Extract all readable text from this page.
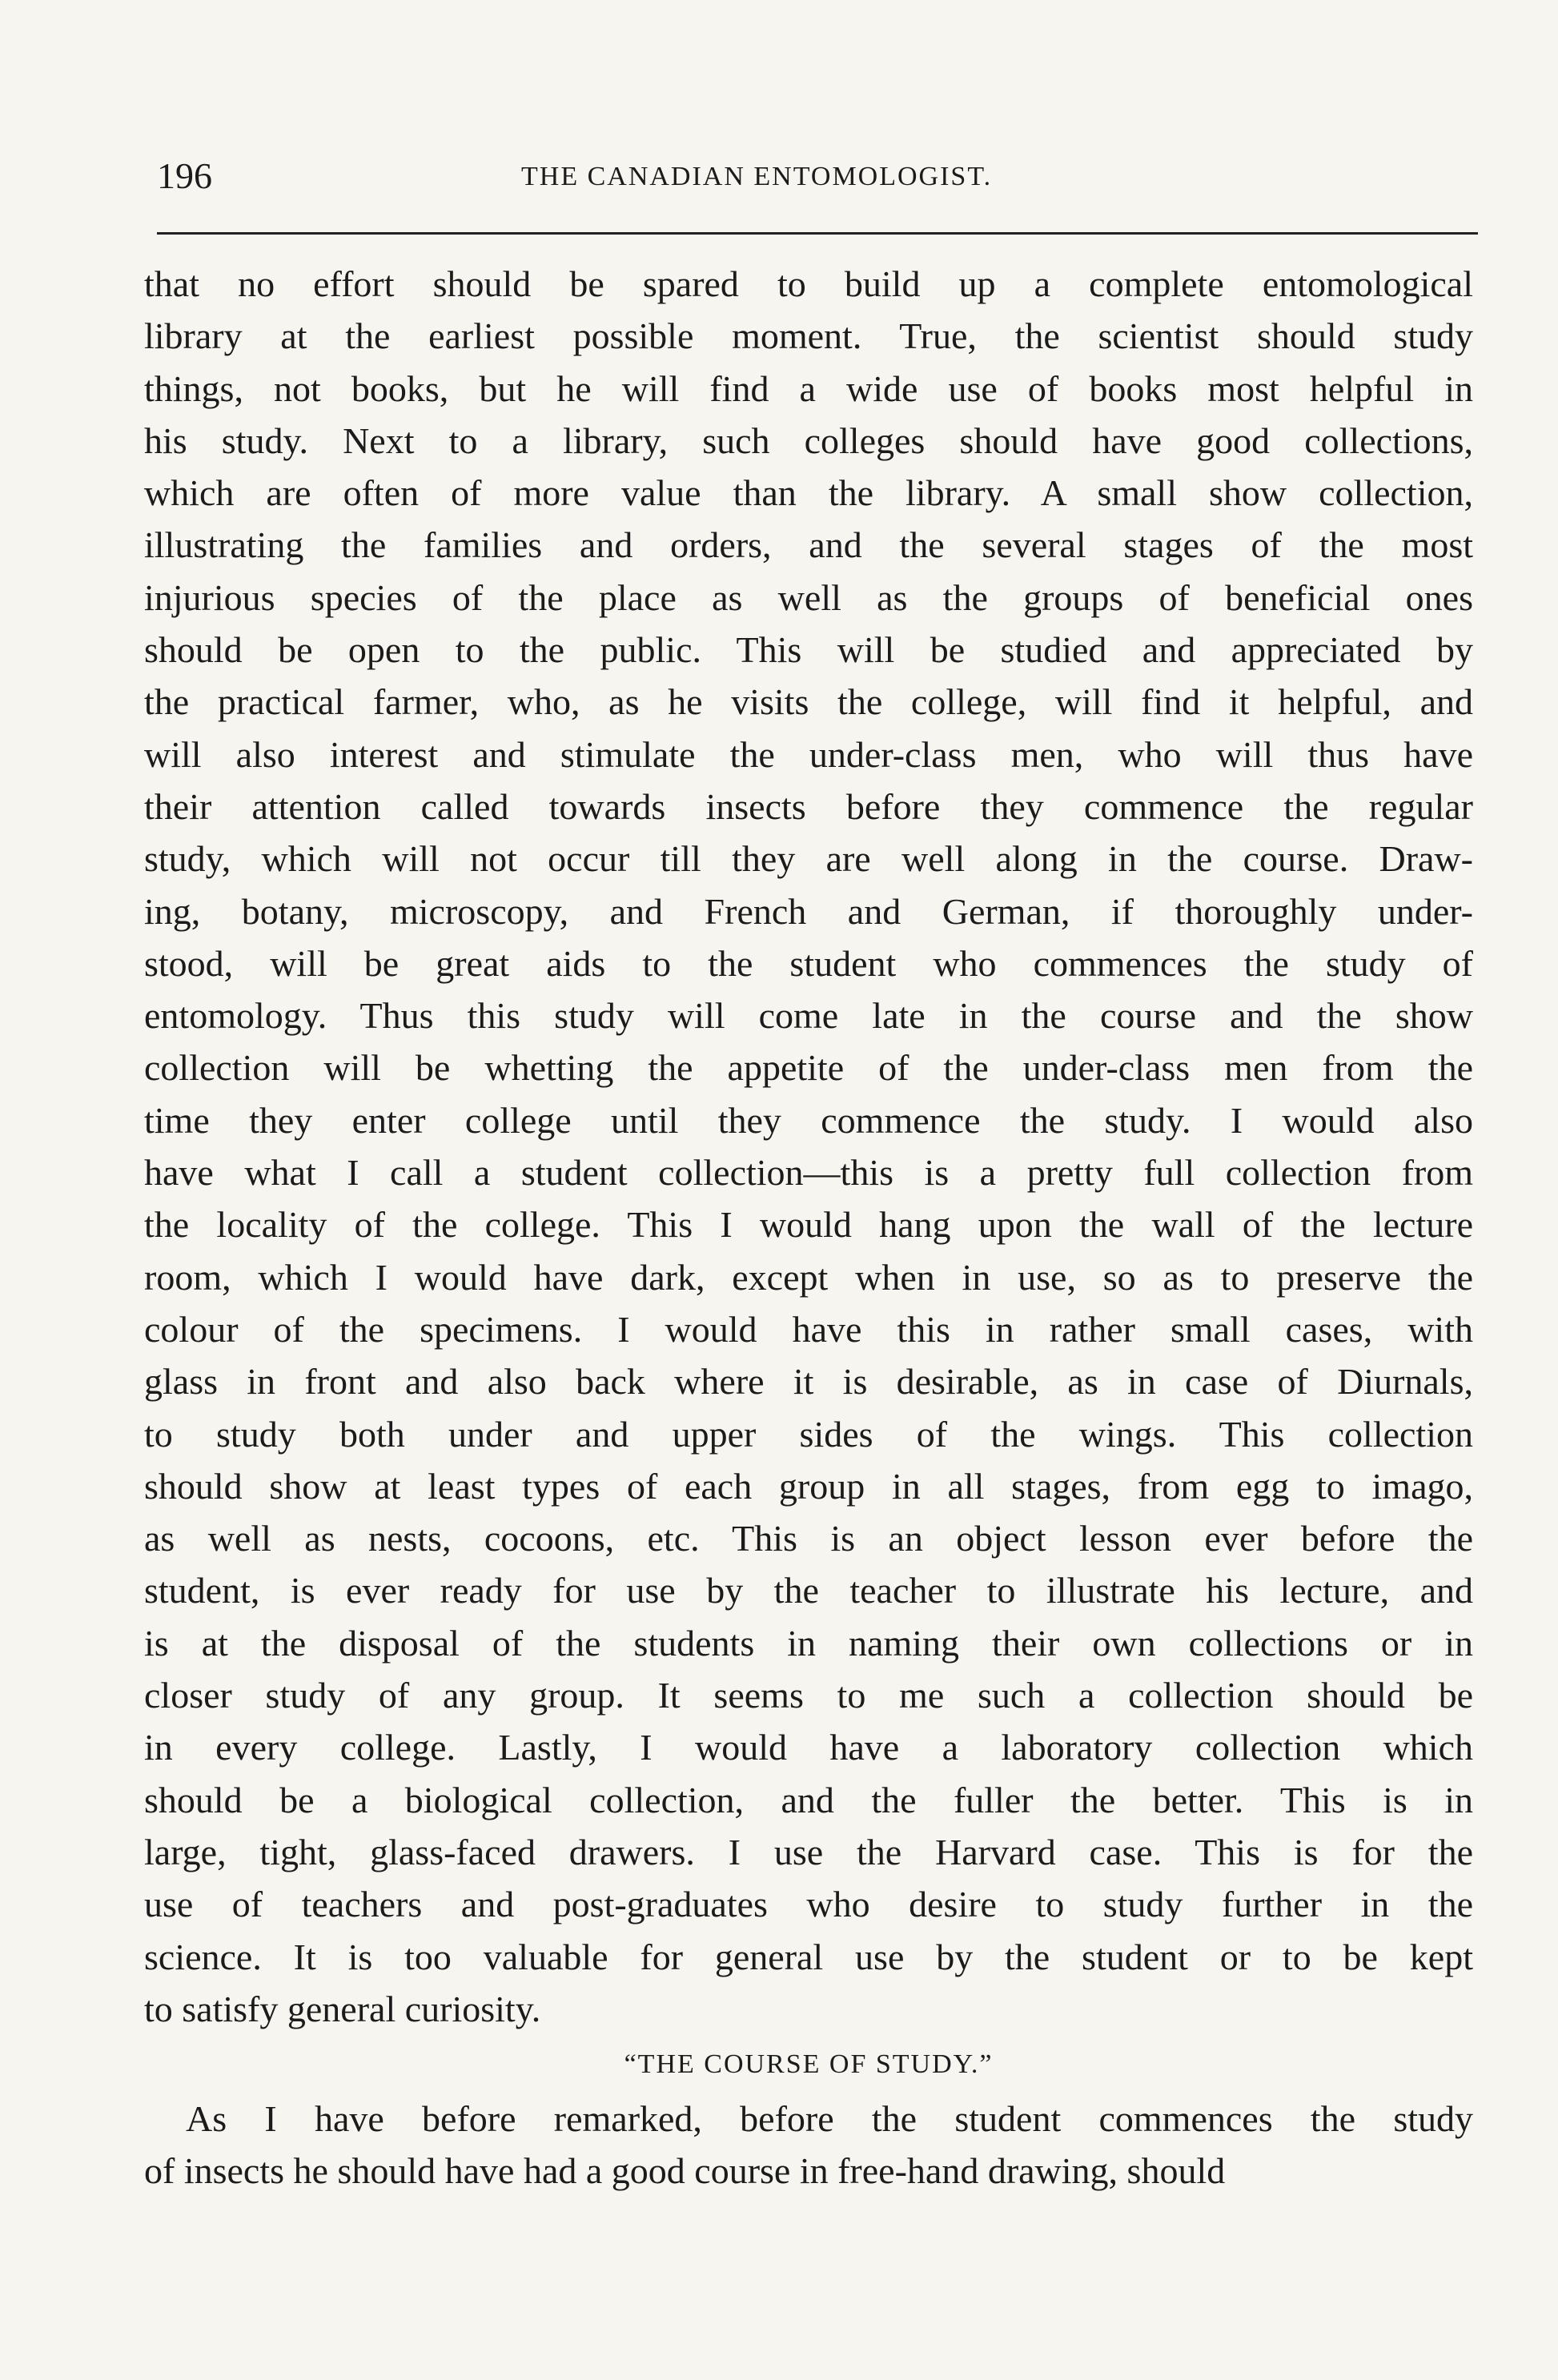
196	THE CANADIAN ENTOMOLOGIST.
that no effort should be spared to build up a complete entomological
library at the earliest possible moment. True, the scientist should study
things, not books, but he will find a wide use of books most helpful in
his study. Next to a library, such colleges should have good collections,
which are often of more value than the library. A small show collection,
illustrating the families and orders, and the several stages of the most
injurious species of the place as well as the groups of beneficial ones
should be open to the public. This will be studied and appreciated by
the practical farmer, who, as he visits the college, will find it helpful, and
will also interest and stimulate the under-class men, who will thus have
their attention called towards insects before they commence the regular
study, which will not occur till they are well along in the course. Draw-
ing, botany, microscopy, and French and German, if thoroughly under-
stood, will be great aids to the student who commences the study of
entomology. Thus this study will come late in the course and the show
collection will be whetting the appetite of the under-class men from the
time they enter college until they commence the study. I would also
have what I call a student collection—this is a pretty full collection from
the locality of the college. This I would hang upon the wall of the lecture
room, which I would have dark, except when in use, so as to preserve the
colour of the specimens. I would have this in rather small cases, with
glass in front and also back where it is desirable, as in case of Diurnals,
to study both under and upper sides of the wings. This collection
should show at least types of each group in all stages, from egg to imago,
as well as nests, cocoons, etc. This is an object lesson ever before the
student, is ever ready for use by the teacher to illustrate his lecture, and
is at the disposal of the students in naming their own collections or in
closer study of any group. It seems to me such a collection should be
in every college. Lastly, I would have a laboratory collection which
should be a biological collection, and the fuller the better. This is in
large, tight, glass-faced drawers. I use the Harvard case. This is for the
use of teachers and post-graduates who desire to study further in the
science. It is too valuable for general use by the student or to be kept
to satisfy general curiosity.
“THE COURSE OF STUDY.”
As I have before remarked, before the student commences the study
of insects he should have had a good course in free-hand drawing, should
